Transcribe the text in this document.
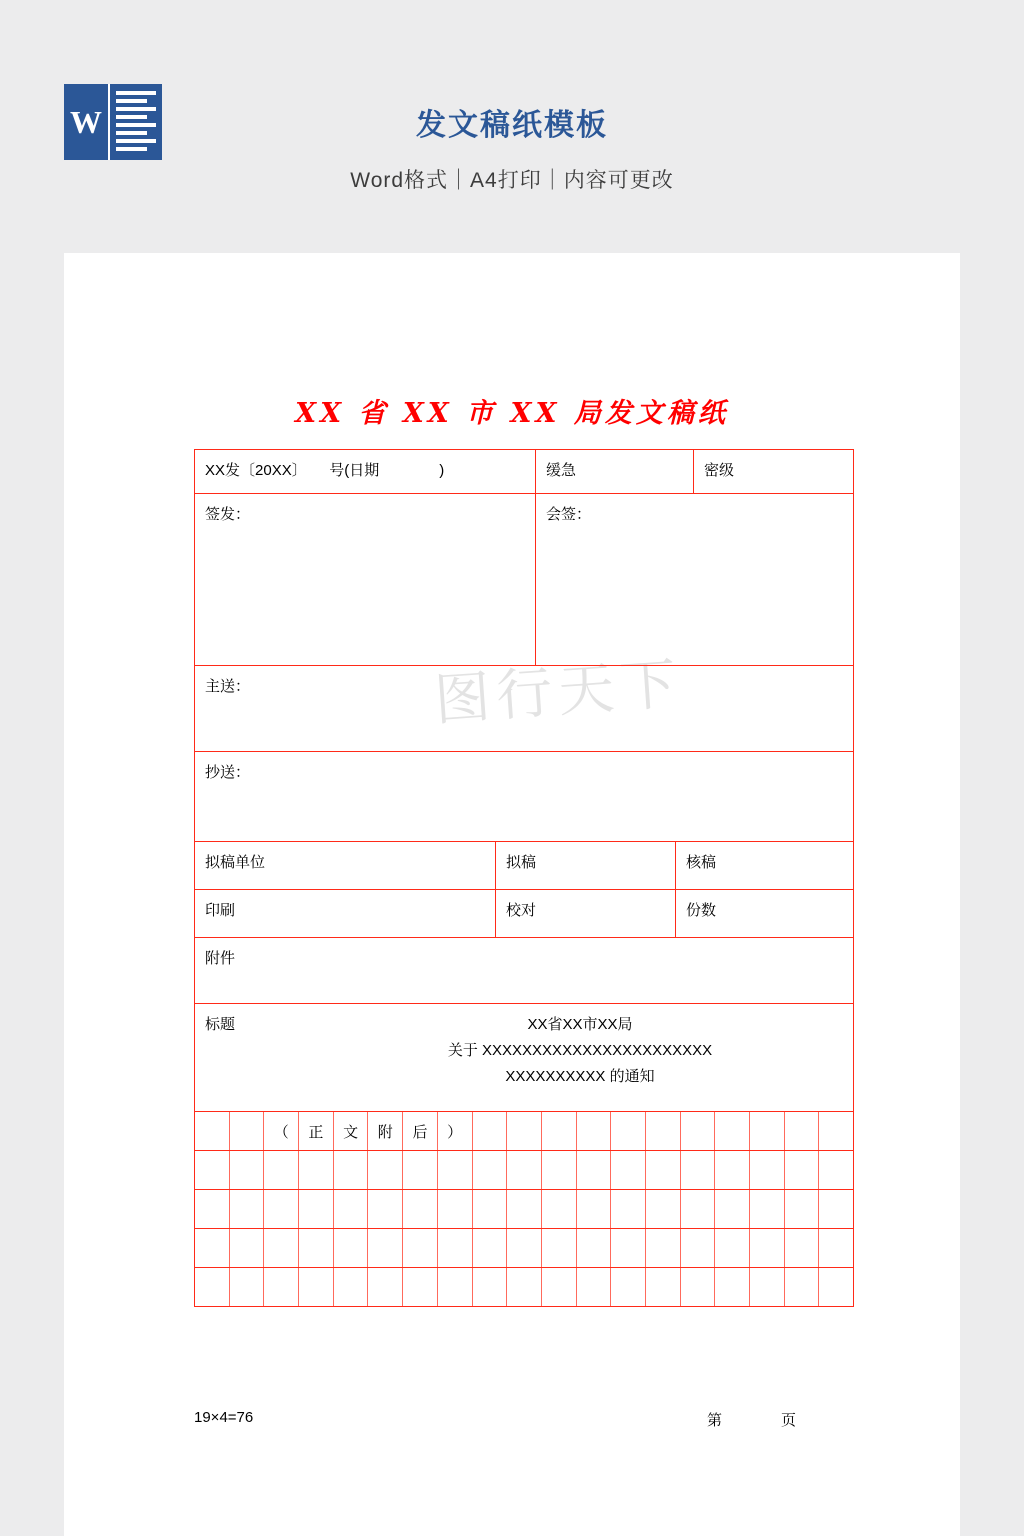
W	发文稿纸模板
Word格式｜A4打印｜内容可更改
图行天下
XX 省 XX 市 XX 局发文稿纸
XX发〔20XX〕　　号(日期　　　　)	缓急	密级
签发：	会签：
主送：
抄送：
拟稿单位	拟稿	核稿
印刷	校对	份数
附件
标题	XX省XX市XX局
关于 XXXXXXXXXXXXXXXXXXXXXXX
XXXXXXXXXX 的通知
（	正	文	附	后	）
19×4=76	第　页
